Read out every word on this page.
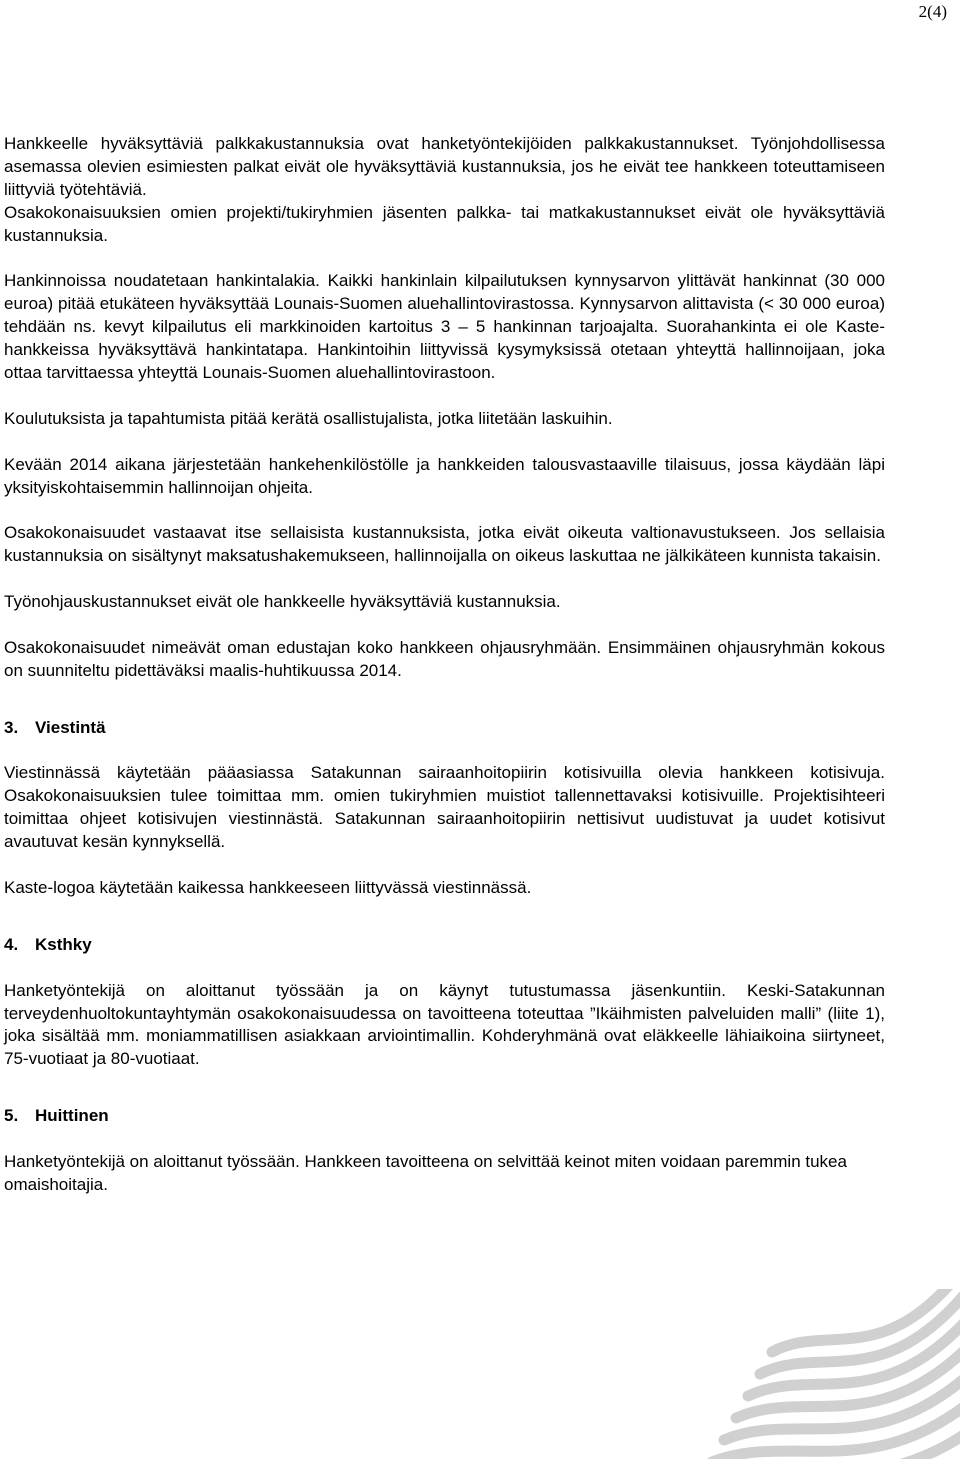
2(4)

Hankkeelle hyväksyttäviä palkkakustannuksia ovat hanketyöntekijöiden palkkakustannukset. Työnjohdollisessa asemassa olevien esimiesten palkat eivät ole hyväksyttäviä kustannuksia, jos he eivät tee hankkeen toteuttamiseen liittyviä työtehtäviä.

Osakokonaisuuksien omien projekti/tukiryhmien jäsenten palkka- tai matkakustannukset eivät ole hyväksyttäviä kustannuksia.

Hankinnoissa noudatetaan hankintalakia. Kaikki hankinlain kilpailutuksen kynnysarvon ylittävät hankinnat (30 000 euroa) pitää etukäteen hyväksyttää Lounais-Suomen aluehallintovirastossa. Kynnysarvon alittavista (< 30 000 euroa) tehdään ns. kevyt kilpailutus eli markkinoiden kartoitus 3 – 5 hankinnan tarjoajalta. Suorahankinta ei ole Kaste-hankkeissa hyväksyttävä hankintatapa. Hankintoihin liittyvissä kysymyksissä otetaan yhteyttä hallinnoijaan, joka ottaa tarvittaessa yhteyttä Lounais-Suomen aluehallintovirastoon.

Koulutuksista ja tapahtumista pitää kerätä osallistujalista, jotka liitetään laskuihin.

Kevään 2014 aikana järjestetään hankehenkilöstölle ja hankkeiden talousvastaaville tilaisuus, jossa käydään läpi yksityiskohtaisemmin hallinnoijan ohjeita.

Osakokonaisuudet vastaavat itse sellaisista kustannuksista, jotka eivät oikeuta valtionavustukseen. Jos sellaisia kustannuksia on sisältynyt maksatushakemukseen, hallinnoijalla on oikeus laskuttaa ne jälkikäteen kunnista takaisin.

Työnohjauskustannukset eivät ole hankkeelle hyväksyttäviä kustannuksia.

Osakokonaisuudet nimeävät oman edustajan koko hankkeen ohjausryhmään. Ensimmäinen ohjausryhmän kokous on suunniteltu pidettäväksi maalis-huhtikuussa 2014.

3. Viestintä

Viestinnässä käytetään pääasiassa Satakunnan sairaanhoitopiirin kotisivuilla olevia hankkeen kotisivuja. Osakokonaisuuksien tulee toimittaa mm. omien tukiryhmien muistiot tallennettavaksi kotisivuille. Projektisihteeri toimittaa ohjeet kotisivujen viestinnästä. Satakunnan sairaanhoitopiirin nettisivut uudistuvat ja uudet kotisivut avautuvat kesän kynnyksellä.

Kaste-logoa käytetään kaikessa hankkeeseen liittyvässä viestinnässä.

4. Ksthky

Hanketyöntekijä on aloittanut työssään ja on käynyt tutustumassa jäsenkuntiin. Keski-Satakunnan terveydenhuoltokuntayhtymän osakokonaisuudessa on tavoitteena toteuttaa ”Ikäihmisten palveluiden malli” (liite 1), joka sisältää mm. moniammatillisen asiakkaan arviointimallin. Kohderyhmänä ovat eläkkeelle lähiaikoina siirtyneet, 75-vuotiaat ja 80-vuotiaat.

5. Huittinen

Hanketyöntekijä on aloittanut työssään. Hankkeen tavoitteena on selvittää keinot miten voidaan paremmin tukea omaishoitajia.
